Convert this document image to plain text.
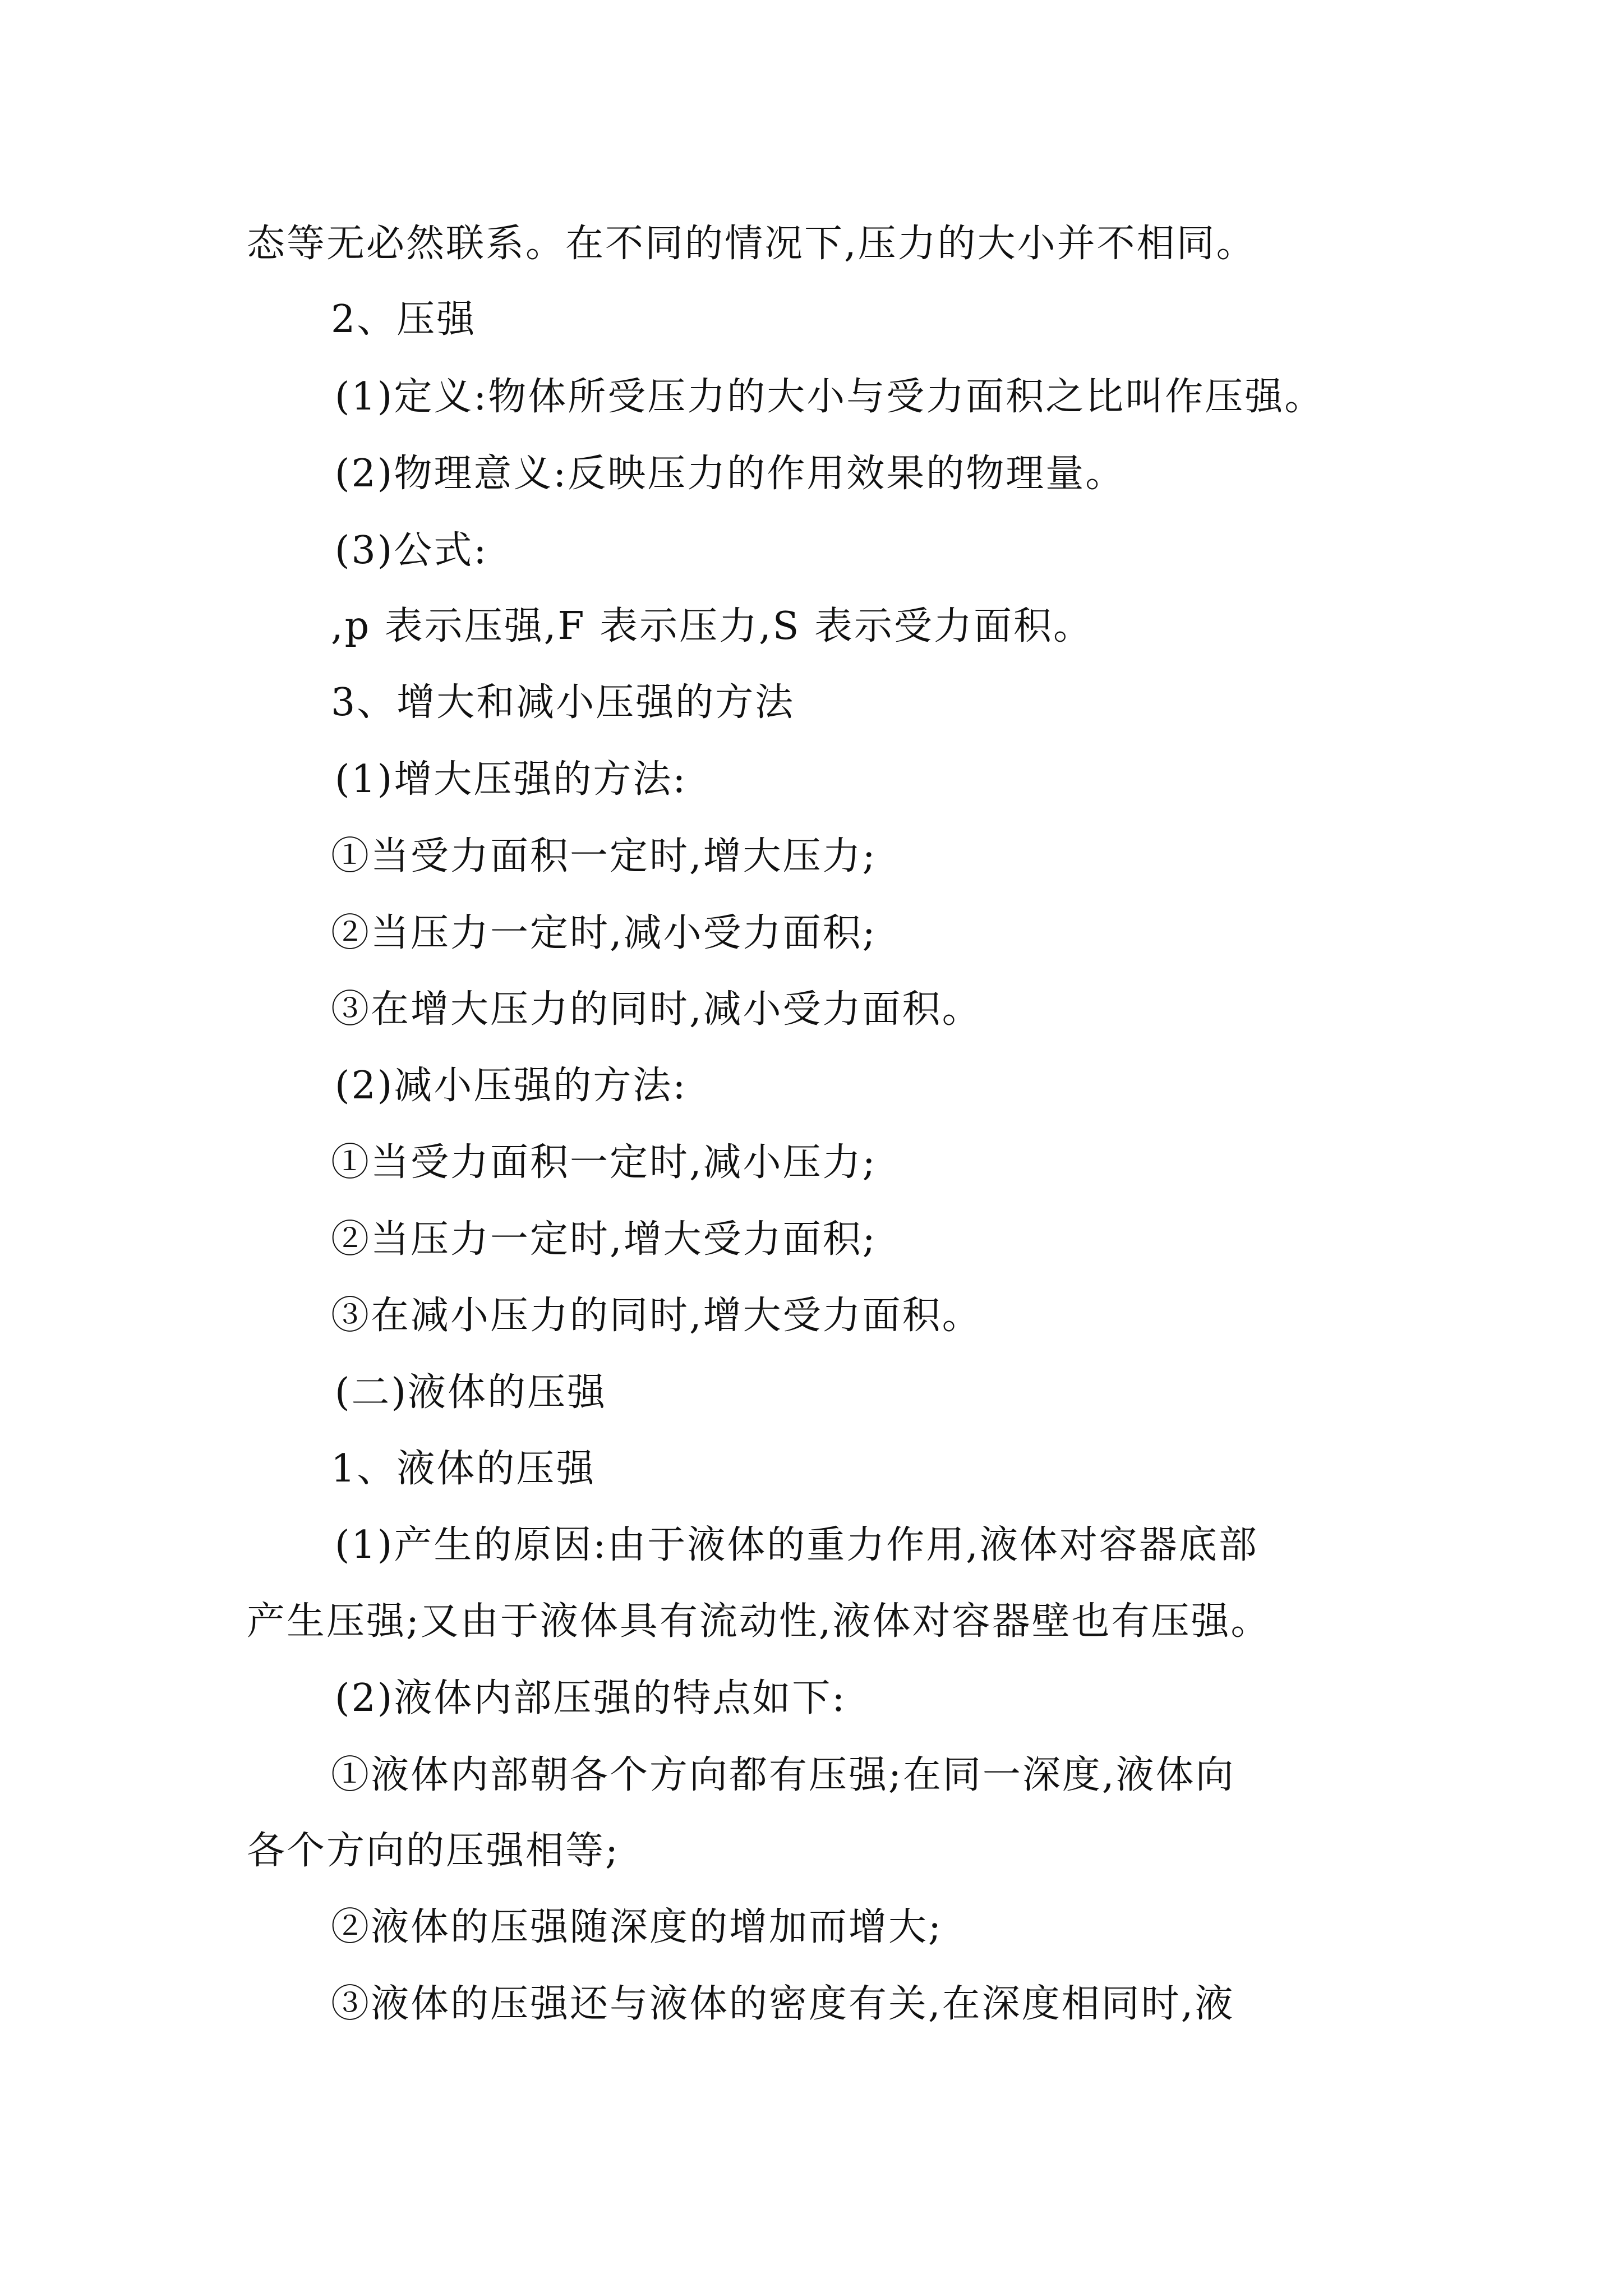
态等无必然联系。在不同的情况下,压力的大小并不相同。
2、压强
(1)定义:物体所受压力的大小与受力面积之比叫作压强。
(2)物理意义:反映压力的作用效果的物理量。
(3)公式:
,p 表示压强,F 表示压力,S 表示受力面积。
3、增大和减小压强的方法
(1)增大压强的方法:
①当受力面积一定时,增大压力;
②当压力一定时,减小受力面积;
③在增大压力的同时,减小受力面积。
(2)减小压强的方法:
①当受力面积一定时,减小压力;
②当压力一定时,增大受力面积;
③在减小压力的同时,增大受力面积。
(二)液体的压强
1、液体的压强
(1)产生的原因:由于液体的重力作用,液体对容器底部
产生压强;又由于液体具有流动性,液体对容器壁也有压强。
(2)液体内部压强的特点如下:
①液体内部朝各个方向都有压强;在同一深度,液体向
各个方向的压强相等;
②液体的压强随深度的增加而增大;
③液体的压强还与液体的密度有关,在深度相同时,液
